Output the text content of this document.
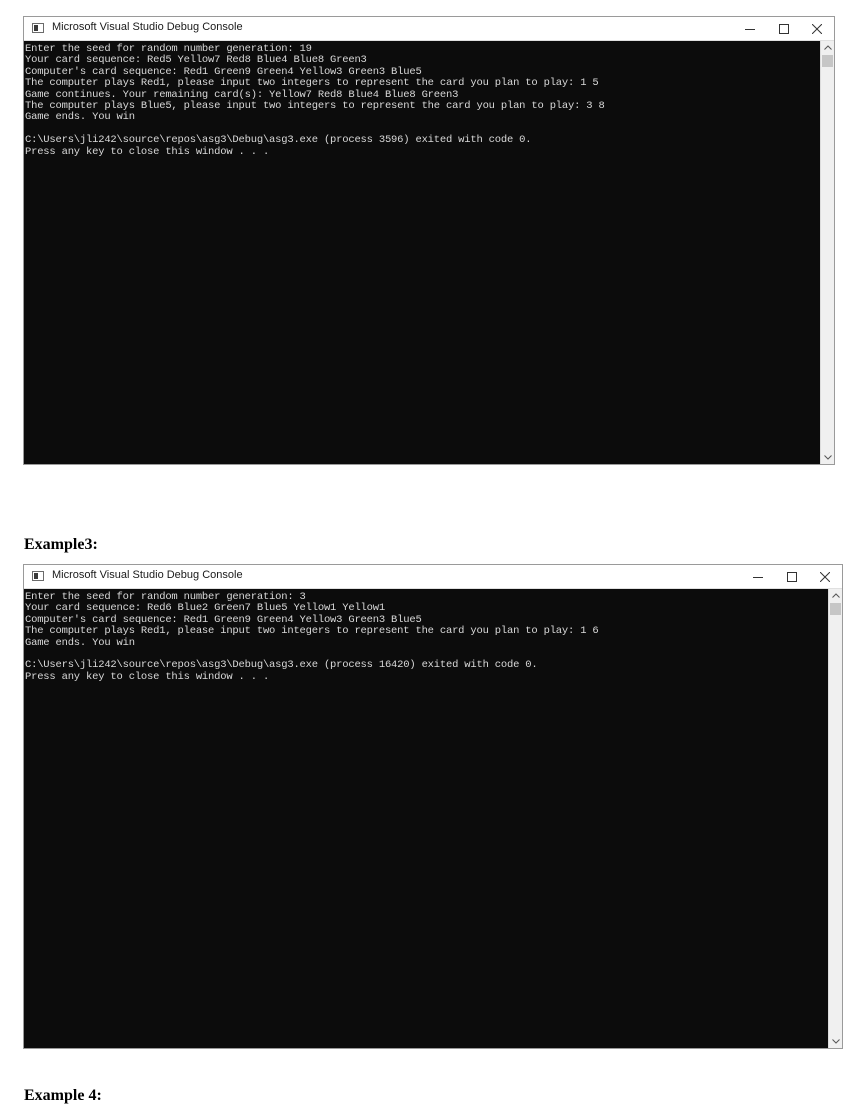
Microsoft Visual Studio Debug Console
Enter the seed for random number generation: 19
Your card sequence: Red5 Yellow7 Red8 Blue4 Blue8 Green3
Computer's card sequence: Red1 Green9 Green4 Yellow3 Green3 Blue5
The computer plays Red1, please input two integers to represent the card you plan to play: 1 5
Game continues. Your remaining card(s): Yellow7 Red8 Blue4 Blue8 Green3
The computer plays Blue5, please input two integers to represent the card you plan to play: 3 8
Game ends. You win
C:\Users\jli242\source\repos\asg3\Debug\asg3.exe (process 3596) exited with code 0.
Press any key to close this window . . .
Example3:
Microsoft Visual Studio Debug Console
Enter the seed for random number generation: 3
Your card sequence: Red6 Blue2 Green7 Blue5 Yellow1 Yellow1
Computer's card sequence: Red1 Green9 Green4 Yellow3 Green3 Blue5
The computer plays Red1, please input two integers to represent the card you plan to play: 1 6
Game ends. You win
C:\Users\jli242\source\repos\asg3\Debug\asg3.exe (process 16420) exited with code 0.
Press any key to close this window . . .
Example 4:
